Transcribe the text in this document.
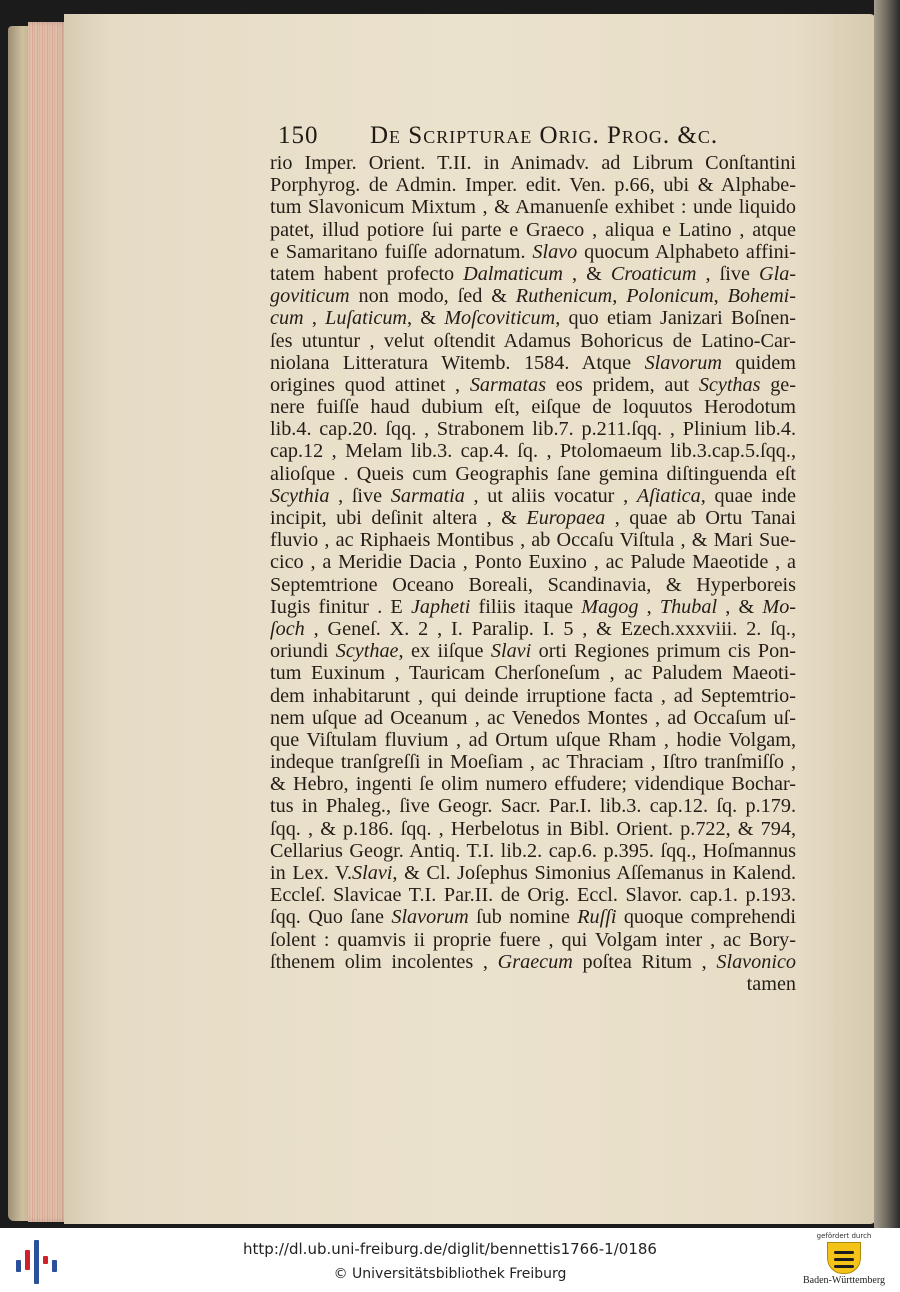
150 De Scripturae Orig. Prog. &c.
rio Imper. Orient. T.II. in Animadv. ad Librum Conſtantini
Porphyrog. de Admin. Imper. edit. Ven. p.66, ubi & Alphabe-
tum Slavonicum Mixtum , & Amanuenſe exhibet : unde liquido
patet, illud potiore ſui parte e Graeco , aliqua e Latino , atque
e Samaritano fuiſſe adornatum. Slavo quocum Alphabeto affini-
tatem habent profecto Dalmaticum , & Croaticum , ſive Gla-
goviticum non modo, ſed & Ruthenicum, Polonicum, Bohemi-
cum , Luſaticum, & Moſcoviticum, quo etiam Janizari Boſnen-
ſes utuntur , velut oſtendit Adamus Bohoricus de Latino-Car-
niolana Litteratura Witemb. 1584. Atque Slavorum quidem
origines quod attinet , Sarmatas eos pridem, aut Scythas ge-
nere fuiſſe haud dubium eſt, eiſque de loquutos Herodotum
lib.4. cap.20. ſqq. , Strabonem lib.7. p.211.ſqq. , Plinium lib.4.
cap.12 , Melam lib.3. cap.4. ſq. , Ptolomaeum lib.3.cap.5.ſqq.,
alioſque . Queis cum Geographis ſane gemina diſtinguenda eſt
Scythia , ſive Sarmatia , ut aliis vocatur , Aſiatica, quae inde
incipit, ubi deſinit altera , & Europaea , quae ab Ortu Tanai
fluvio , ac Riphaeis Montibus , ab Occaſu Viſtula , & Mari Sue-
cico , a Meridie Dacia , Ponto Euxino , ac Palude Maeotide , a
Septemtrione Oceano Boreali, Scandinavia, & Hyperboreis
Iugis finitur . E Japheti filiis itaque Magog , Thubal , & Mo-
ſoch , Geneſ. X. 2 , I. Paralip. I. 5 , & Ezech.xxxviii. 2. ſq.,
oriundi Scythae, ex iiſque Slavi orti Regiones primum cis Pon-
tum Euxinum , Tauricam Cherſoneſum , ac Paludem Maeoti-
dem inhabitarunt , qui deinde irruptione facta , ad Septemtrio-
nem uſque ad Oceanum , ac Venedos Montes , ad Occaſum uſ-
que Viſtulam fluvium , ad Ortum uſque Rham , hodie Volgam,
indeque tranſgreſſi in Moeſiam , ac Thraciam , Iſtro tranſmiſſo ,
& Hebro, ingenti ſe olim numero effudere; videndique Bochar-
tus in Phaleg., ſive Geogr. Sacr. Par.I. lib.3. cap.12. ſq. p.179.
ſqq. , & p.186. ſqq. , Herbelotus in Bibl. Orient. p.722, & 794,
Cellarius Geogr. Antiq. T.I. lib.2. cap.6. p.395. ſqq., Hoſmannus
in Lex. V.Slavi, & Cl. Joſephus Simonius Aſſemanus in Kalend.
Eccleſ. Slavicae T.I. Par.II. de Orig. Eccl. Slavor. cap.1. p.193.
ſqq. Quo ſane Slavorum ſub nomine Ruſſi quoque comprehendi
ſolent : quamvis ii proprie fuere , qui Volgam inter , ac Bory-
ſthenem olim incolentes , Graecum poſtea Ritum , Slavonico
tamen
http://dl.ub.uni-freiburg.de/diglit/bennettis1766-1/0186
© Universitätsbibliothek Freiburg
gefördert durch
Baden-Württemberg
